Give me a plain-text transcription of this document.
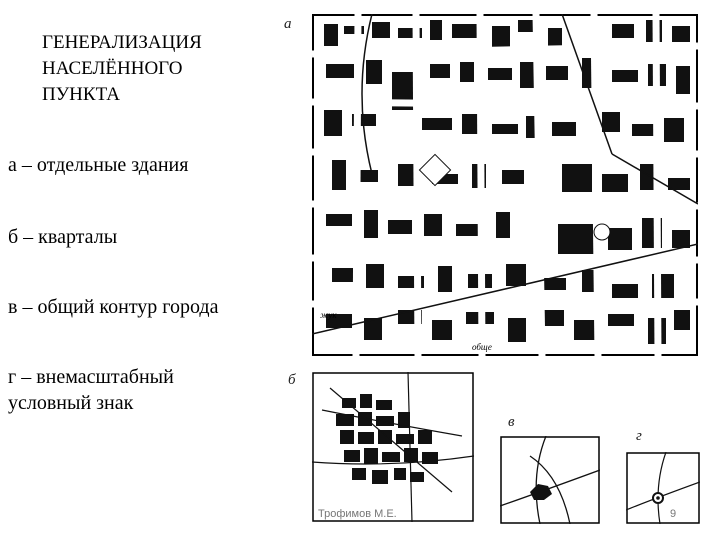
ГЕНЕРАЛИЗАЦИЯ
НАСЕЛЁННОГО
ПУНКТА
а – отдельные здания
б – кварталы
в – общий контур города
г – внемасштабный
условный знак
а
б
в
г
жук
обще
Трофимов М.Е.	9
